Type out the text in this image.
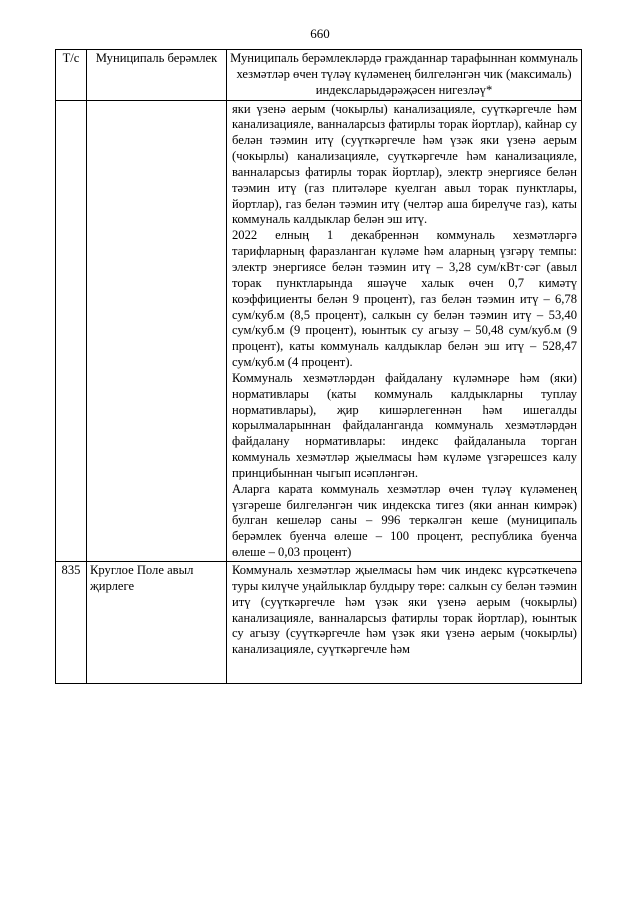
660
Т/с	Муниципаль берәмлек	Муниципаль берәмлекләрдә гражданнар тарафыннан коммуналь хезмәтләр өчен түләү күләменең билгеләнгән чик (максималь) индексларыдәрәҗәсен нигезләү*

		яки үзенә аерым (чокырлы) канализацияле, суүткәргечле һәм канализацияле, ванналарсыз фатирлы торак йортлар), кайнар су белән тәэмин итү (суүткәргечле һәм үзәк яки үзенә аерым (чокырлы) канализацияле, суүткәргечле һәм канализацияле, ванналарсыз фатирлы торак йортлар), электр энергиясе белән тәэмин итү (газ плитәләре куелган авыл торак пунктлары, йортлар), газ белән тәэмин итү (челтәр аша бирелүче газ), каты коммуналь калдыклар белән эш итү.

2022 елның 1 декабреннән коммуналь хезмәтләргә тарифларның фаразланган күләме һәм аларның үзгәрү темпы: электр энергиясе белән тәэмин итү – 3,28 сум/кВт·сәг (авыл торак пунктларында яшәүче халык өчен 0,7 кимәтү коэффициенты белән 9 процент), газ белән тәэмин итү – 6,78 сум/куб.м (8,5 процент), салкын су белән тәэмин итү – 53,40 сум/куб.м (9 процент), юынтык су агызу – 50,48 сум/куб.м (9 процент), каты коммуналь калдыклар белән эш итү – 528,47 сум/куб.м (4 процент).

Коммуналь хезмәтләрдән файдалану күләмнәре һәм (яки) нормативлары (каты коммуналь калдыкларны туплау нормативлары), җир кишәрлегеннән һәм ишегалды корылмаларыннан файдаланганда коммуналь хезмәтләрдән файдалану нормативлары: индекс файдаланыла торган коммуналь хезмәтләр җыелмасы һәм күләме үзгәрешсез калу принцибыннан чыгып исәпләнгән.

Аларга карата коммуналь хезмәтләр өчен түләү күләменең үзгәреше билгеләнгән чик индекска тигез (яки аннан кимрәк) булган кешеләр саны – 996 теркәлгән кеше (муниципаль берәмлек буенча өлеше – 100 процент, республика буенча өлеше – 0,03 процент)

835	Круглое Поле авыл җирлеге	Коммуналь хезмәтләр җыелмасы һәм чик индекс күрсәткечenә туры килүче уңайлыклар булдыру төре: салкын су белән тәэмин итү (суүткәргечле һәм үзәк яки үзенә аерым (чокырлы) канализацияле, ванналарсыз фатирлы торак йортлар), юынтык су агызу (суүткәргечле һәм үзәк яки үзенә аерым (чокырлы) канализацияле, суүткәргечле һәм
